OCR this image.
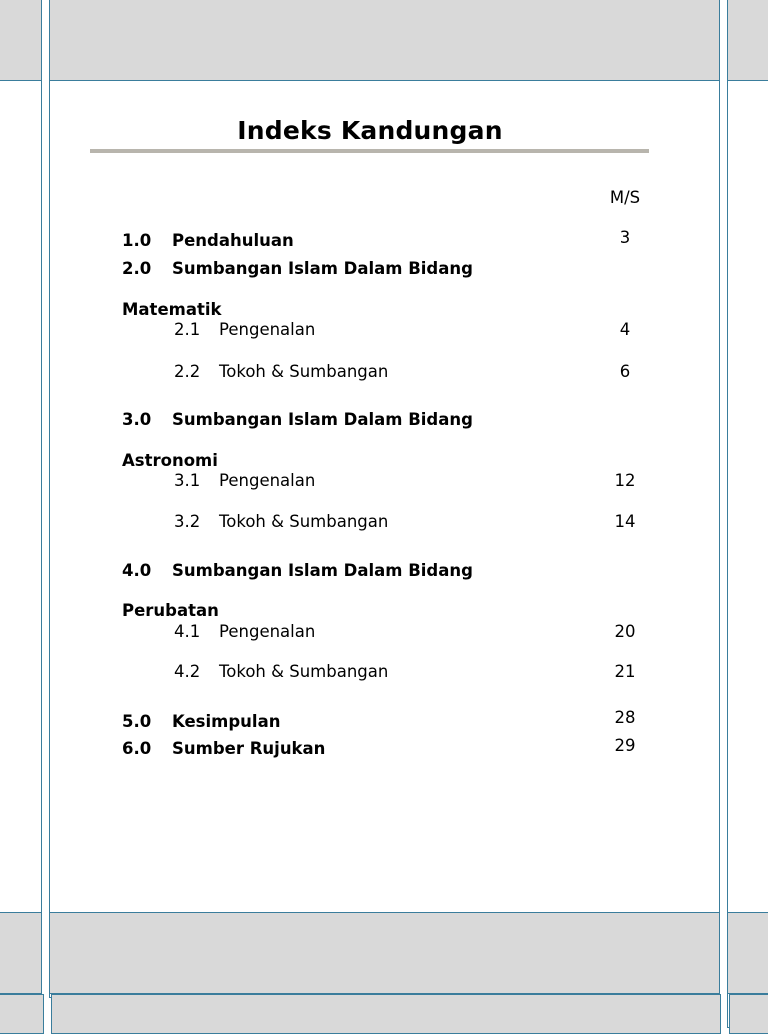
Indeks Kandungan
M/S
1.0 Pendahuluan	3
2.0 Sumbangan Islam Dalam Bidang
Matematik
2.1 Pengenalan	4
2.2 Tokoh & Sumbangan	6
3.0 Sumbangan Islam Dalam Bidang
Astronomi
3.1 Pengenalan	12
3.2 Tokoh & Sumbangan	14
4.0 Sumbangan Islam Dalam Bidang
Perubatan
4.1 Pengenalan	20
4.2 Tokoh & Sumbangan	21
5.0 Kesimpulan	28
6.0 Sumber Rujukan	29
